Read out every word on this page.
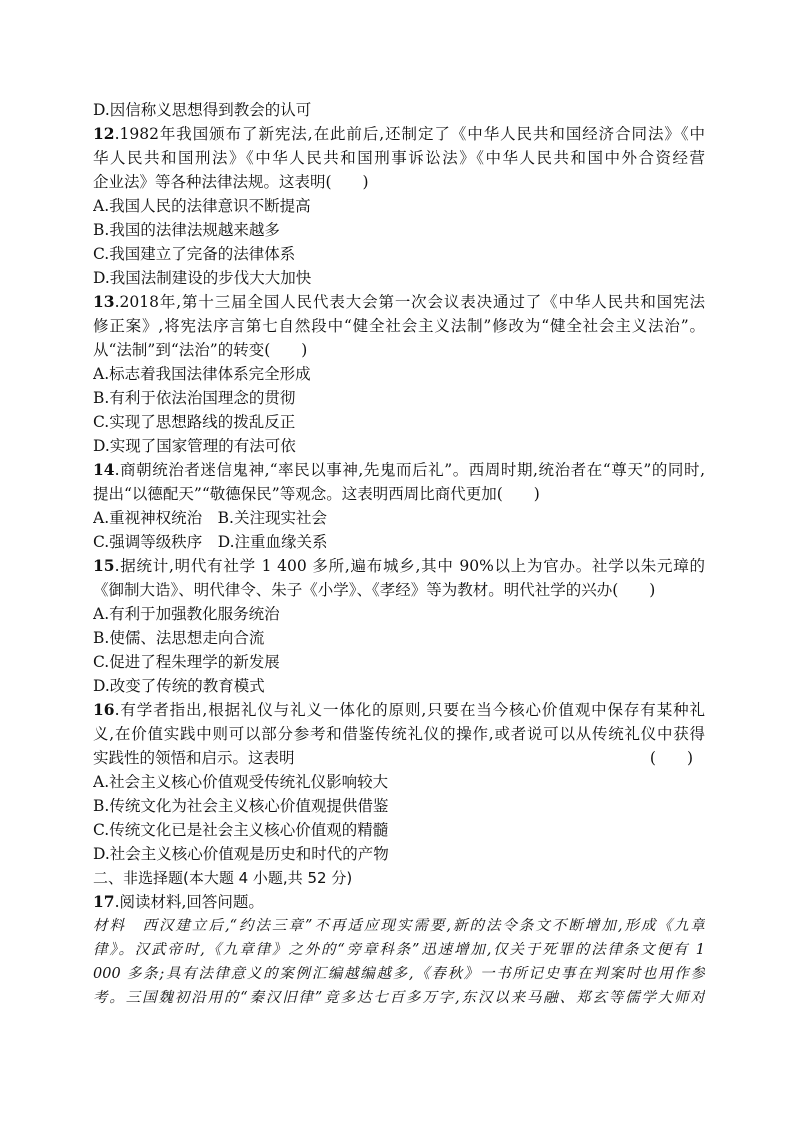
D.因信称义思想得到教会的认可
12.1982年我国颁布了新宪法,在此前后,还制定了《中华人民共和国经济合同法》《中
华人民共和国刑法》《中华人民共和国刑事诉讼法》《中华人民共和国中外合资经营
企业法》等各种法律法规。这表明(　　)
A.我国人民的法律意识不断提高
B.我国的法律法规越来越多
C.我国建立了完备的法律体系
D.我国法制建设的步伐大大加快
13.2018年,第十三届全国人民代表大会第一次会议表决通过了《中华人民共和国宪法
修正案》,将宪法序言第七自然段中“健全社会主义法制”修改为“健全社会主义法治”。
从“法制”到“法治”的转变(　　)
A.标志着我国法律体系完全形成
B.有利于依法治国理念的贯彻
C.实现了思想路线的拨乱反正
D.实现了国家管理的有法可依
14.商朝统治者迷信鬼神,“率民以事神,先鬼而后礼”。西周时期,统治者在“尊天”的同时,
提出“以德配天”“敬德保民”等观念。这表明西周比商代更加(　　)
A.重视神权统治　B.关注现实社会
C.强调等级秩序　D.注重血缘关系
15.据统计,明代有社学 1 400 多所,遍布城乡,其中 90%以上为官办。社学以朱元璋的
《御制大诰》、明代律令、朱子《小学》、《孝经》等为教材。明代社学的兴办(　　)
A.有利于加强教化服务统治
B.使儒、法思想走向合流
C.促进了程朱理学的新发展
D.改变了传统的教育模式
16.有学者指出,根据礼仪与礼义一体化的原则,只要在当今核心价值观中保存有某种礼
义,在价值实践中则可以部分参考和借鉴传统礼仪的操作,或者说可以从传统礼仪中获得
实践性的领悟和启示。这表明	(　　)
A.社会主义核心价值观受传统礼仪影响较大
B.传统文化为社会主义核心价值观提供借鉴
C.传统文化已是社会主义核心价值观的精髓
D.社会主义核心价值观是历史和时代的产物
二、非选择题(本大题 4 小题,共 52 分)
17.阅读材料,回答问题。
材料　西汉建立后,“约法三章”不再适应现实需要,新的法令条文不断增加,形成《九章
律》。汉武帝时,《九章律》之外的“旁章科条”迅速增加,仅关于死罪的法律条文便有 1
000 多条;具有法律意义的案例汇编越编越多,《春秋》一书所记史事在判案时也用作参
考。三国魏初沿用的“秦汉旧律”竟多达七百多万字,东汉以来马融、郑玄等儒学大师对
